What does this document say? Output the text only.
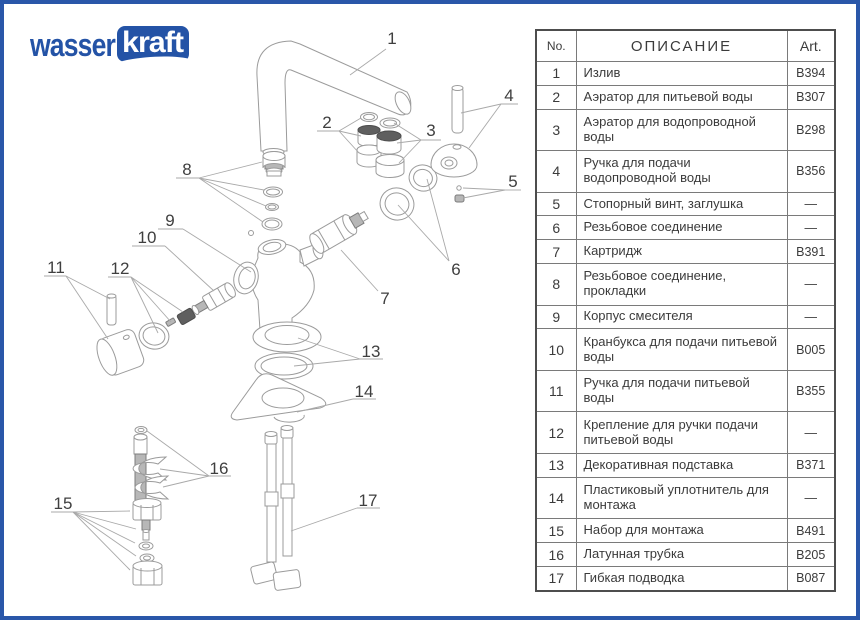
wasser kraft	1
2	3
4
5
6
7
8
9
10
11	12
13
14
15
16
17
No.	ОПИСАНИЕ	Art.
1	Излив	B394
2	Аэратор для питьевой воды	B307
3	Аэратор для водопроводной воды	B298
4	Ручка для подачи водопроводной воды	B356
5	Стопорный винт, заглушка	—
6	Резьбовое соединение	—
7	Картридж	B391
8	Резьбовое соединение, прокладки	—
9	Корпус смесителя	—
10	Кранбукса для подачи питьевой воды	B005
11	Ручка для подачи питьевой воды	B355
12	Крепление для ручки подачи питьевой воды	—
13	Декоративная подставка	B371
14	Пластиковый уплотнитель для монтажа	—
15	Набор для монтажа	B491
16	Латунная трубка	B205
17	Гибкая подводка	B087
